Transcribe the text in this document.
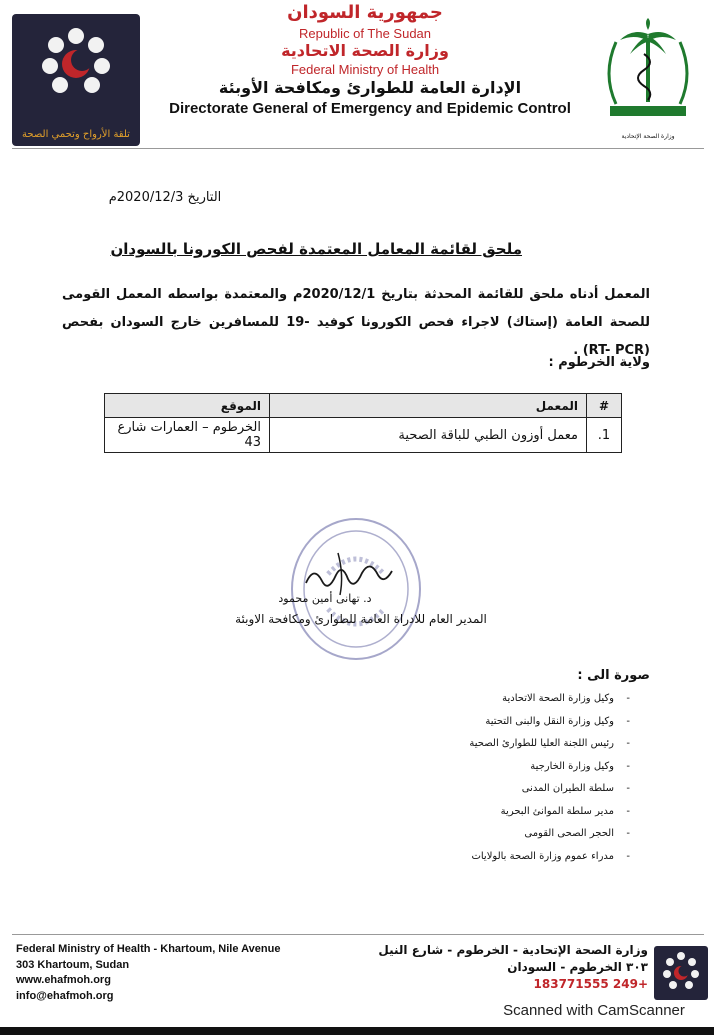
تلقة الأرواح وتحمي الصحة
جمهورية السودان
Republic of The Sudan
وزارة الصحة الاتحادية
Federal Ministry of Health
الإدارة العامة للطوارئ ومكافحة الأوبئة
Directorate General of Emergency and Epidemic Control
وزارة الصحة الإتحادية
التاريخ 2020/12/3م
ملحق لقائمة المعامل المعتمدة لفحص الكورونا بالسودان
المعمل أدناه ملحق للقائمة المحدثة بتاريخ 2020/12/1م والمعتمدة بواسطه المعمل القومى للصحة العامة (إستاك) لاجراء فحص الكورونا كوفيد -19 للمسافرين خارج السودان بفحص (RT- PCR) .
ولاية الخرطوم :
#	المعمل	الموقع
1.	معمل أوزون الطبي للباقة الصحية	الخرطوم – العمارات شارع 43
د. تهانى أمين محمود
المدير العام للادراة العامة للطوارئ ومكافحة الاوبئة
صورة الى :
-وكيل وزارة الصحة الاتحادية
-وكيل وزارة النقل والبنى التحتية
-رئيس اللجنة العليا للطوارئ الصحية
-وكيل وزارة الخارجية
-سلطة الطيران المدنى
-مدير سلطة الموانئ البحرية
-الحجر الصحى القومى
-مدراء عموم وزارة الصحة بالولايات
Federal Ministry of Health - Khartoum, Nile Avenue
303 Khartoum, Sudan
www.ehafmoh.org
info@ehafmoh.org
وزارة الصحة الإتحادية - الخرطوم - شارع النيل
٣٠٣ الخرطوم - السودان
+249 183771555
Scanned with CamScanner
